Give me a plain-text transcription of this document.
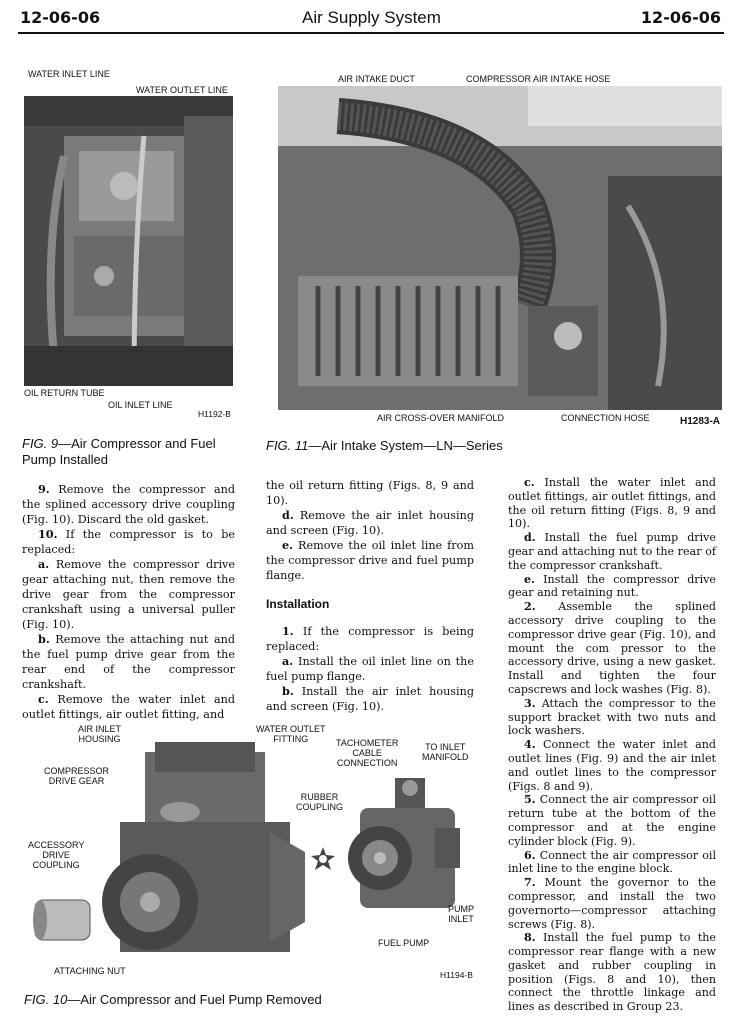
12-06-06	Air Supply System	12-06-06
WATER INLET LINE
WATER OUTLET LINE
OIL RETURN TUBE
OIL INLET LINE
H1192-B
FIG. 9—Air Compressor and Fuel Pump Installed
AIR INTAKE DUCT	COMPRESSOR AIR INTAKE HOSE
AIR CROSS-OVER MANIFOLD	CONNECTION HOSE	H1283-A
FIG. 11—Air Intake System—LN—Series

9. Remove the compressor and the splined accessory drive coupling (Fig. 10). Discard the old gasket.

10. If the compressor is to be replaced:

a. Remove the compressor drive gear attaching nut, then remove the drive gear from the compressor crankshaft using a universal puller (Fig. 10).

b. Remove the attaching nut and the fuel pump drive gear from the rear end of the compressor crankshaft.

c. Remove the water inlet and outlet fittings, air outlet fitting, and

the oil return fitting (Figs. 8, 9 and 10).

d. Remove the air inlet housing and screen (Fig. 10).

e. Remove the oil inlet line from the compressor drive and fuel pump flange.

Installation

1. If the compressor is being replaced:

a. Install the oil inlet line on the fuel pump flange.

b. Install the air inlet housing and screen (Fig. 10).

c. Install the water inlet and outlet fittings, air outlet fittings, and the oil return fitting (Figs. 8, 9 and 10).

d. Install the fuel pump drive gear and attaching nut to the rear of the compressor crankshaft.

e. Install the compressor drive gear and retaining nut.

2. Assemble the splined accessory drive coupling to the compressor drive gear (Fig. 10), and mount the com pressor to the accessory drive, using a new gasket. Install and tighten the four capscrews and lock washes (Fig. 8).

3. Attach the compressor to the support bracket with two nuts and lock washers.

4. Connect the water inlet and outlet lines (Fig. 9) and the air inlet and outlet lines to the compressor (Figs. 8 and 9).

5. Connect the air compressor oil return tube at the bottom of the compressor and at the engine cylinder block (Fig. 9).

6. Connect the air compressor oil inlet line to the engine block.

7. Mount the governor to the compressor, and install the two governorto—compressor attaching screws (Fig. 8).

8. Install the fuel pump to the compressor rear flange with a new gasket and rubber coupling in position (Figs. 8 and 10), then connect the throttle linkage and lines as described in Group 23.

AIR INLET
HOUSING
WATER OUTLET
FITTING	TACHOMETER
CABLE
CONNECTION
TO INLET
MANIFOLD
COMPRESSOR
DRIVE GEAR
RUBBER
COUPLING
ACCESSORY
DRIVE
COUPLING
PUMP
INLET
FUEL PUMP
ATTACHING NUT	H1194-B
FIG. 10—Air Compressor and Fuel Pump Removed
